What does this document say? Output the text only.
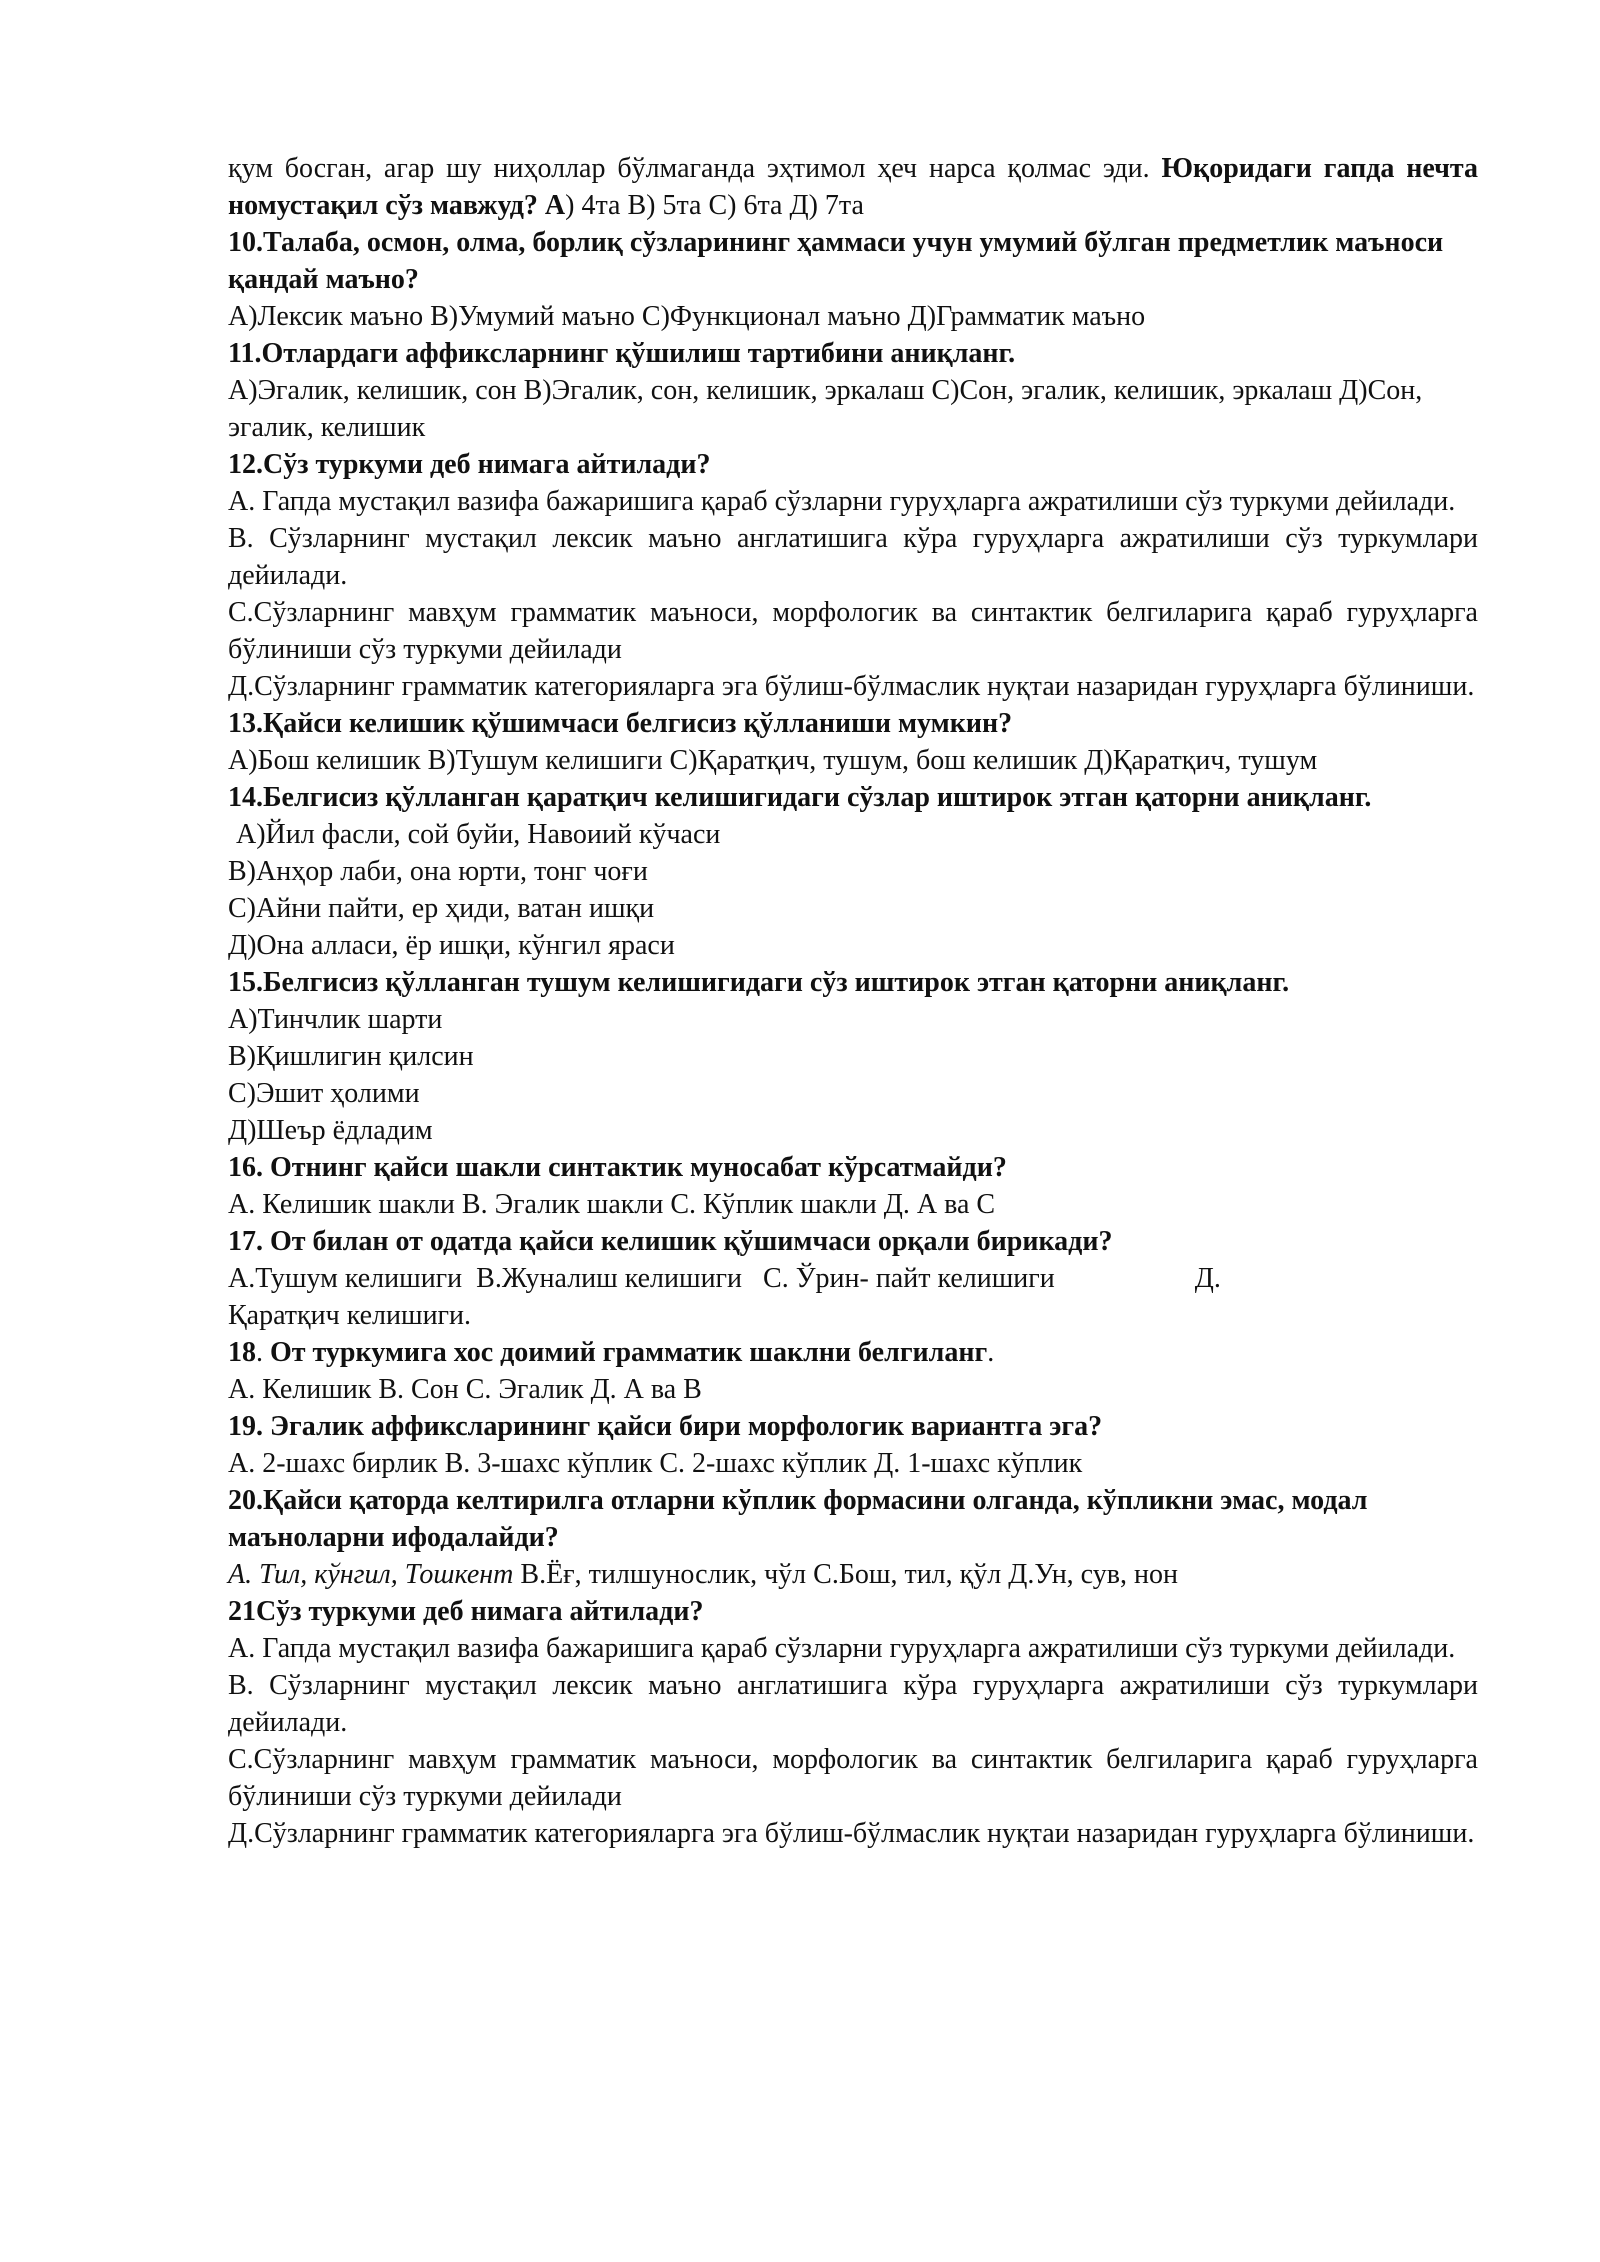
қум босган, агар шу ниҳоллар бўлмаганда эҳтимол ҳеч нарса қолмас эди. Юқоридаги гапда нечта номустақил сўз мавжуд? А) 4та В) 5та С) 6та Д) 7та

10.Талаба, осмон, олма, борлиқ сўзларининг ҳаммаси учун умумий бўлган предметлик маъноси қандай маъно?

А)Лексик маъно В)Умумий маъно С)Функционал маъно Д)Грамматик маъно

11.Отлардаги аффиксларнинг қўшилиш тартибини аниқланг.

А)Эгалик, келишик, сон В)Эгалик, сон, келишик, эркалаш С)Сон, эгалик, келишик, эркалаш Д)Сон, эгалик, келишик

12.Сўз туркуми деб нимага айтилади?

А. Гапда мустақил вазифа бажаришига қараб сўзларни гуруҳларга ажратилиши сўз туркуми дейилади.

В. Сўзларнинг мустақил лексик маъно англатишига кўра гуруҳларга ажратилиши сўз туркумлари дейилади.

С.Сўзларнинг мавҳум грамматик маъноси, морфологик ва синтактик белгиларига қараб гуруҳларга бўлиниши сўз туркуми дейилади

Д.Сўзларнинг грамматик категорияларга эга бўлиш-бўлмаслик нуқтаи назаридан гуруҳларга бўлиниши.

13.Қайси келишик қўшимчаси белгисиз қўлланиши мумкин?

А)Бош келишик В)Тушум келишиги С)Қаратқич, тушум, бош келишик Д)Қаратқич, тушум

14.Белгисиз қўлланган қаратқич келишигидаги сўзлар иштирок этган қаторни аниқланг.

А)Йил фасли, сой буйи, Навоиий кўчаси

В)Анҳор лаби, она юрти, тонг чоғи

С)Айни пайти, ер ҳиди, ватан ишқи

Д)Она алласи, ёр ишқи, кўнгил яраси

15.Белгисиз қўлланган тушум келишигидаги сўз иштирок этган қаторни аниқланг.

А)Тинчлик шарти

В)Қишлигин қилсин

С)Эшит ҳолими

Д)Шеър ёдладим

16. Отнинг қайси шакли синтактик муносабат кўрсатмайди?

А. Келишик шакли В. Эгалик шакли С. Кўплик шакли Д. А ва С

17. От билан от одатда қайси келишик қўшимчаси орқали бирикади?

А.Тушум келишиги  В.Жуналиш келишиги   С. Ўрин- пайт келишиги                    Д.

Қаратқич келишиги.

18. От туркумига хос доимий грамматик шаклни белгиланг.

А. Келишик В. Сон С. Эгалик Д. А ва В

19. Эгалик аффиксларининг қайси бири морфологик вариантга эга?

А. 2-шахс бирлик В. 3-шахс кўплик С. 2-шахс кўплик Д. 1-шахс кўплик

20.Қайси қаторда келтирилга отларни кўплик формасини олганда, кўпликни эмас, модал маъноларни ифодалайди?

А. Тил, кўнгил, Тошкент В.Ёғ, тилшунослик, чўл С.Бош, тил, қўл Д.Ун, сув, нон

21Сўз туркуми деб нимага айтилади?

А. Гапда мустақил вазифа бажаришига қараб сўзларни гуруҳларга ажратилиши сўз туркуми дейилади.

В. Сўзларнинг мустақил лексик маъно англатишига кўра гуруҳларга ажратилиши сўз туркумлари дейилади.

С.Сўзларнинг мавҳум грамматик маъноси, морфологик ва синтактик белгиларига қараб гуруҳларга бўлиниши сўз туркуми дейилади

Д.Сўзларнинг грамматик категорияларга эга бўлиш-бўлмаслик нуқтаи назаридан гуруҳларга бўлиниши.
